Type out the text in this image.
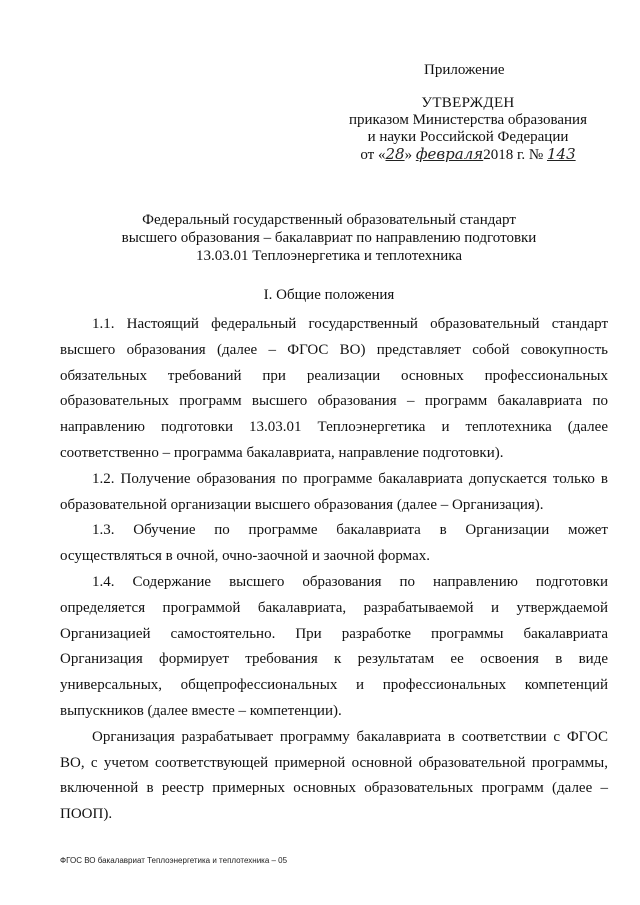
Приложение
УТВЕРЖДЕН
приказом Министерства образования
и науки Российской Федерации
от «28» февраля2018 г. № 143
Федеральный государственный образовательный стандарт
высшего образования – бакалавриат по направлению подготовки
13.03.01 Теплоэнергетика и теплотехника
I. Общие положения

1.1. Настоящий федеральный государственный образовательный стандарт высшего образования (далее – ФГОС ВО) представляет собой совокупность обязательных требований при реализации основных профессиональных образовательных программ высшего образования – программ бакалавриата по направлению подготовки 13.03.01 Теплоэнергетика и теплотехника (далее соответственно – программа бакалавриата, направление подготовки).

1.2. Получение образования по программе бакалавриата допускается только в образовательной организации высшего образования (далее – Организация).

1.3. Обучение по программе бакалавриата в Организации может осуществляться в очной, очно-заочной и заочной формах.

1.4. Содержание высшего образования по направлению подготовки определяется программой бакалавриата, разрабатываемой и утверждаемой Организацией самостоятельно. При разработке программы бакалавриата Организация формирует требования к результатам ее освоения в виде универсальных, общепрофессиональных и профессиональных компетенций выпускников (далее вместе – компетенции).

Организация разрабатывает программу бакалавриата в соответствии с ФГОС ВО, с учетом соответствующей примерной основной образовательной программы, включенной в реестр примерных основных образовательных программ (далее – ПООП).

ФГОС ВО бакалавриат Теплоэнергетика и теплотехника – 05
